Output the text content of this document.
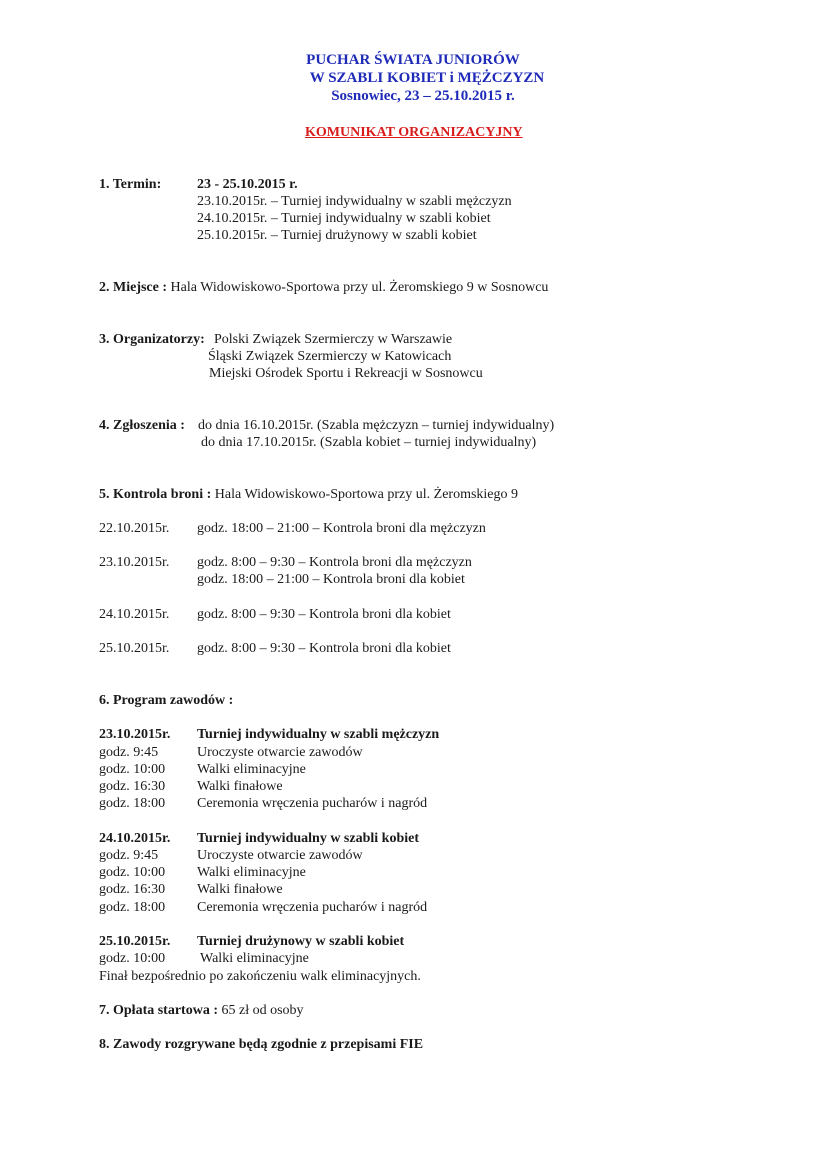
PUCHAR ŚWIATA JUNIORÓW
W SZABLI KOBIET i MĘŻCZYZN
Sosnowiec, 23 – 25.10.2015 r.
KOMUNIKAT ORGANIZACYJNY
1. Termin:	23 - 25.10.2015 r.
23.10.2015r. – Turniej indywidualny w szabli mężczyzn
24.10.2015r. – Turniej indywidualny w szabli kobiet
25.10.2015r. – Turniej drużynowy w szabli kobiet
2. Miejsce : Hala Widowiskowo-Sportowa przy ul. Żeromskiego 9 w Sosnowcu
3. Organizatorzy: Polski Związek Szermierczy w Warszawie
Śląski Związek Szermierczy w Katowicach
Miejski Ośrodek Sportu i Rekreacji w Sosnowcu
4. Zgłoszenia : do dnia 16.10.2015r. (Szabla mężczyzn – turniej indywidualny)
do dnia 17.10.2015r. (Szabla kobiet – turniej indywidualny)
5. Kontrola broni : Hala Widowiskowo-Sportowa przy ul. Żeromskiego 9
22.10.2015r. godz. 18:00 – 21:00 – Kontrola broni dla mężczyzn
23.10.2015r. godz. 8:00 – 9:30 – Kontrola broni dla mężczyzn
godz. 18:00 – 21:00 – Kontrola broni dla kobiet
24.10.2015r. godz. 8:00 – 9:30 – Kontrola broni dla kobiet
25.10.2015r. godz. 8:00 – 9:30 – Kontrola broni dla kobiet
6. Program zawodów :
23.10.2015r. Turniej indywidualny w szabli mężczyzn
godz. 9:45	Uroczyste otwarcie zawodów
godz. 10:00 Walki eliminacyjne
godz. 16:30 Walki finałowe
godz. 18:00 Ceremonia wręczenia pucharów i nagród
24.10.2015r. Turniej indywidualny w szabli kobiet
godz. 9:45	Uroczyste otwarcie zawodów
godz. 10:00 Walki eliminacyjne
godz. 16:30 Walki finałowe
godz. 18:00 Ceremonia wręczenia pucharów i nagród
25.10.2015r. Turniej drużynowy w szabli kobiet
godz. 10:00 Walki eliminacyjne
Finał bezpośrednio po zakończeniu walk eliminacyjnych.
7. Opłata startowa : 65 zł od osoby
8. Zawody rozgrywane będą zgodnie z przepisami FIE
